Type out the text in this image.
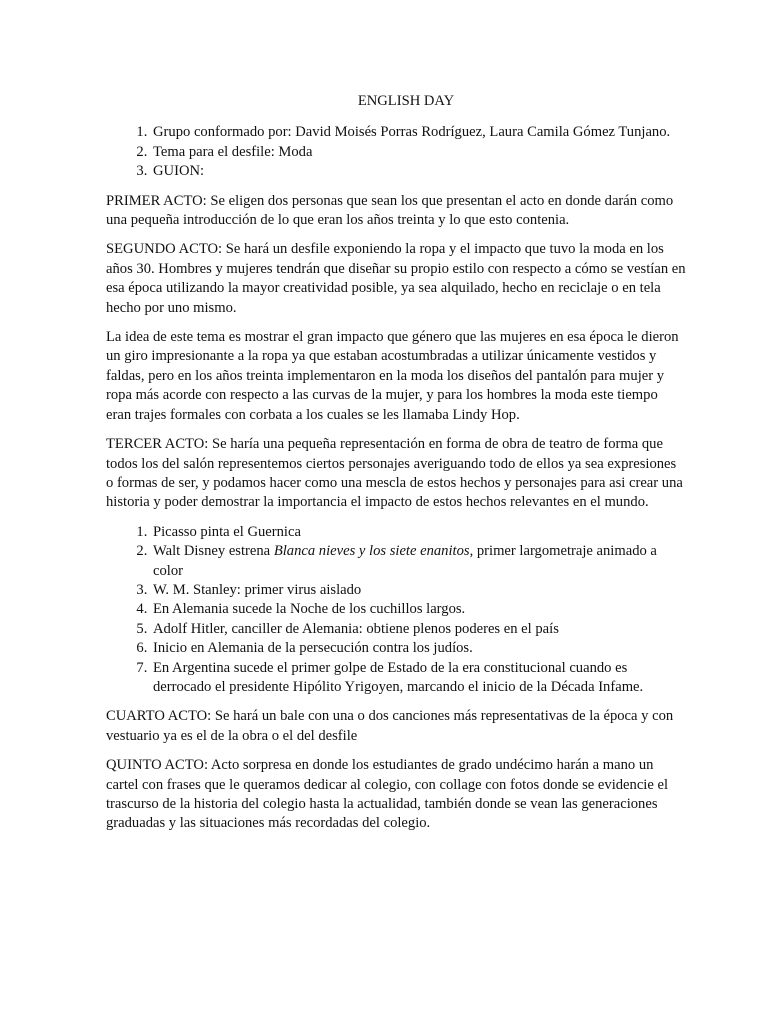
ENGLISH DAY
1. Grupo conformado por: David Moisés Porras Rodríguez, Laura Camila Gómez Tunjano.
2. Tema para el desfile: Moda
3. GUION:

PRIMER ACTO: Se eligen dos personas que sean los que presentan el acto en donde darán como una pequeña introducción de lo que eran los años treinta y lo que esto contenia.

SEGUNDO ACTO: Se hará un desfile exponiendo la ropa y el impacto que tuvo la moda en los años 30. Hombres y mujeres tendrán que diseñar su propio estilo con respecto a cómo se vestían en esa época utilizando la mayor creatividad posible, ya sea alquilado, hecho en reciclaje o en tela hecho por uno mismo.

La idea de este tema es mostrar el gran impacto que género que las mujeres en esa época le dieron un giro impresionante a la ropa ya que estaban acostumbradas a utilizar únicamente vestidos y faldas, pero en los años treinta implementaron en la moda los diseños del pantalón para mujer y ropa más acorde con respecto a las curvas de la mujer, y para los hombres la moda este tiempo eran trajes formales con corbata a los cuales se les llamaba Lindy Hop.

TERCER ACTO: Se haría una pequeña representación en forma de obra de teatro de forma que todos los del salón representemos ciertos personajes averiguando todo de ellos ya sea expresiones o formas de ser, y podamos hacer como una mescla de estos hechos y personajes para asi crear una historia y poder demostrar la importancia el impacto de estos hechos relevantes en el mundo.

1. Picasso pinta el Guernica
2. Walt Disney estrena Blanca nieves y los siete enanitos, primer largometraje animado a color
3. W. M. Stanley: primer virus aislado
4. En Alemania sucede la Noche de los cuchillos largos.
5. Adolf Hitler, canciller de Alemania: obtiene plenos poderes en el país
6. Inicio en Alemania de la persecución contra los judíos.
7. En Argentina sucede el primer golpe de Estado de la era constitucional cuando es derrocado el presidente Hipólito Yrigoyen, marcando el inicio de la Década Infame.

CUARTO ACTO: Se hará un bale con una o dos canciones más representativas de la época y con vestuario ya es el de la obra o el del desfile

QUINTO ACTO: Acto sorpresa en donde los estudiantes de grado undécimo harán a mano un cartel con frases que le queramos dedicar al colegio, con collage con fotos donde se evidencie el trascurso de la historia del colegio hasta la actualidad, también donde se vean las generaciones graduadas y las situaciones más recordadas del colegio.
